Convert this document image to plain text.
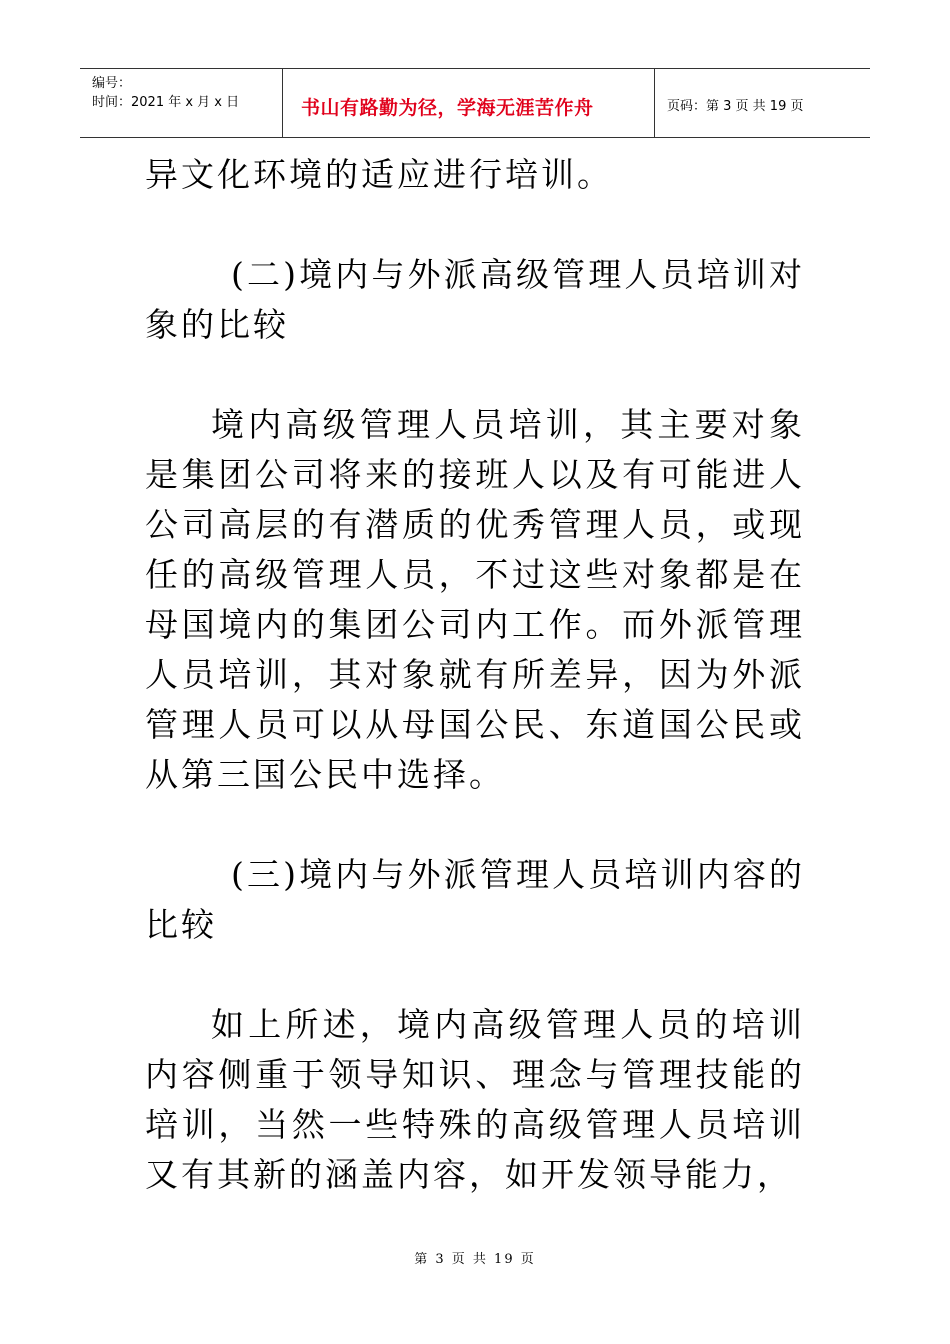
编号：
时间：2021 年 x 月 x 日	书山有路勤为径，学海无涯苦作舟	页码：第 3 页 共 19 页

异文化环境的适应进行培训。

(二)境内与外派高级管理人员培训对象的比较

境内高级管理人员培训，其主要对象是集团公司将来的接班人以及有可能进人公司高层的有潜质的优秀管理人员，或现任的高级管理人员，不过这些对象都是在母国境内的集团公司内工作。而外派管理人员培训，其对象就有所差异，因为外派管理人员可以从母国公民、东道国公民或从第三国公民中选择。

(三)境内与外派管理人员培训内容的比较

如上所述，境内高级管理人员的培训内容侧重于领导知识、理念与管理技能的培训，当然一些特殊的高级管理人员培训又有其新的涵盖内容，如开发领导能力，

第 3 页 共 19 页
